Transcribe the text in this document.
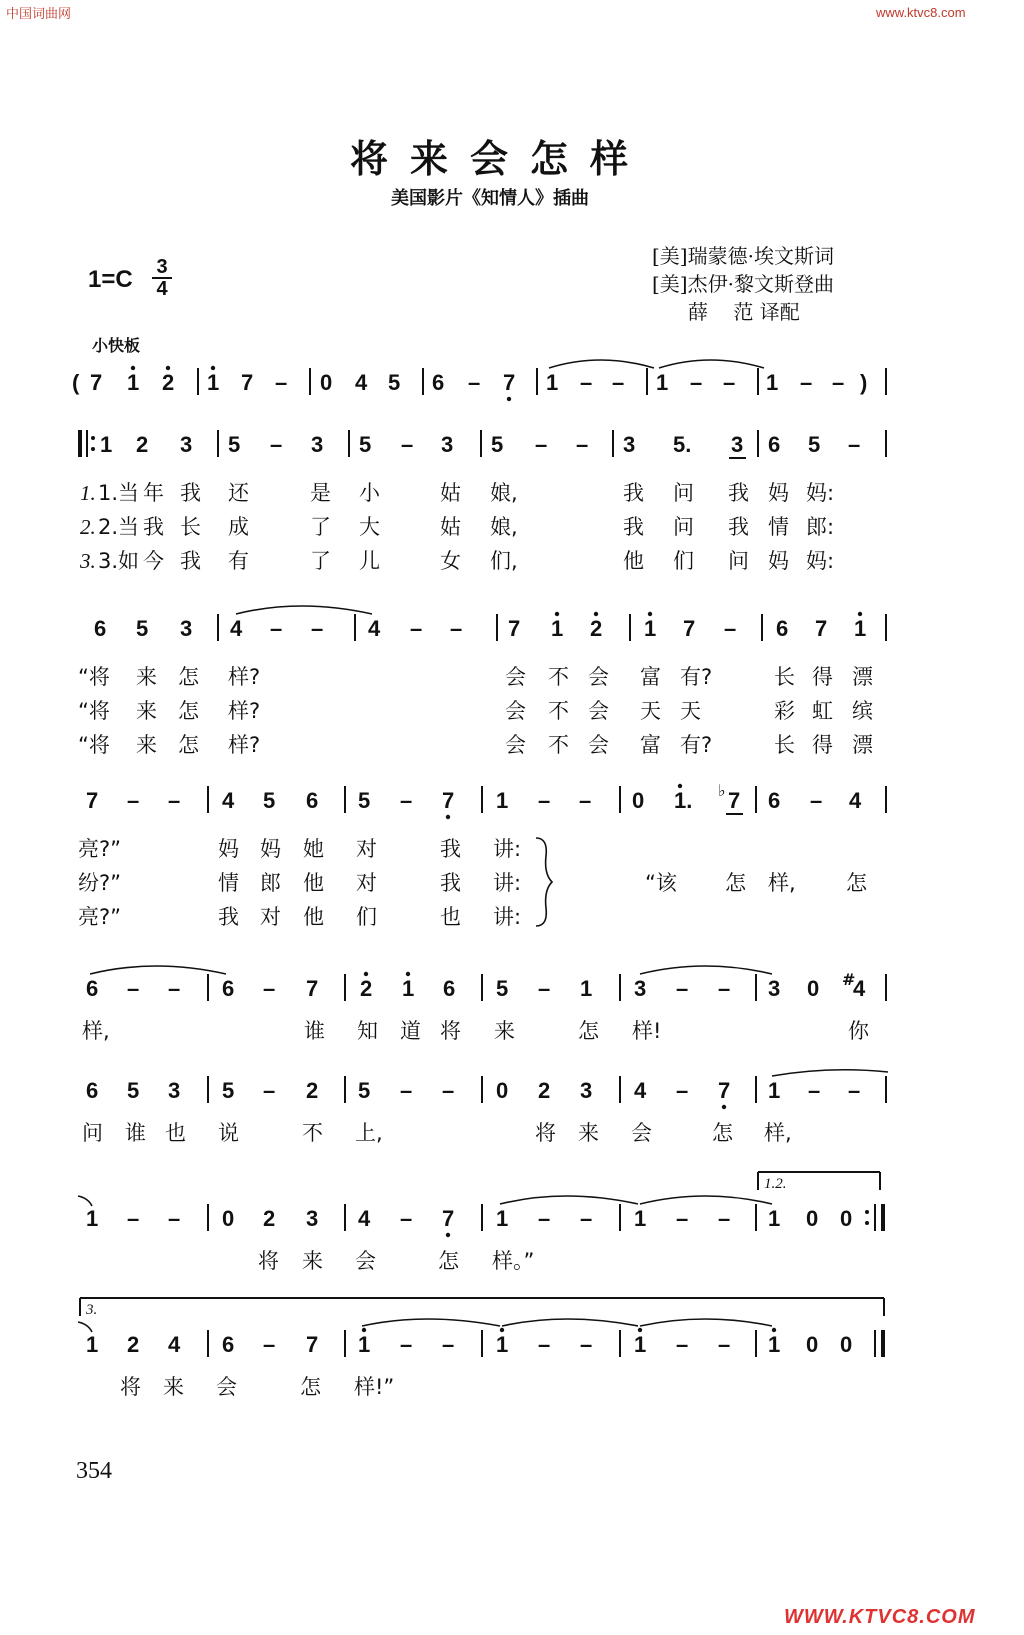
中国词曲网	www.ktvc8.com
将来会怎样
美国影片《知情人》插曲
[美]瑞蒙德·埃文斯词
[美]杰伊·黎文斯登曲
薛    范 译配
1=C 3
4
小快板
( 7 1 2 1 7 – 0 4 5 6 – 7 1 – – 1 – – 1 – – )
1 2 3 5 – 3 5 – 3 5 – – 3 5. 3 6 5 –
1. 1.当 年 我 还	是 小	姑 娘,	我 问 我 妈 妈:
2. 2.当 我 长 成	了 大	姑 娘,	我 问 我 情 郎:
3. 3.如 今 我 有	了 儿	女 们,	他 们 问 妈 妈:
6 5 3 4 – – 4 – – 7 1 2 1 7 – 6 7 1
“将 来 怎 样?	会 不 会 富 有?	长 得 漂
“将 来 怎 样?	会 不 会 天 天	彩 虹 缤
“将 来 怎 样?	会 不 会 富 有?	长 得 漂
7 – – 4 5 6 5 – 7 1 – – 0 1. ♭ 7 6 – 4
亮?”	妈 妈 她 对	我 讲:
纷?”	情 郎 他 对	我 讲:
亮?”	我 对 他 们	也 讲:
“该 怎 样, 怎
6 – – 6 – 7 2 1 6 5 – 1 3 – – 3 0 #
4
样,	谁 知 道 将 来	怎 样!	你
6 5 3 5 – 2 5 – – 0 2 3 4 – 7 1 – –
问 谁 也 说	不 上,	将 来 会	怎 样,
1.2.
1 – – 0 2 3 4 – 7 1 – – 1 – – 1 0 0
将 来 会	怎 样。”
3.
1 2 4 6 – 7 1 – – 1 – – 1 – – 1 0 0
将 来 会	怎 样!”
354
WWW.KTVC8.COM
